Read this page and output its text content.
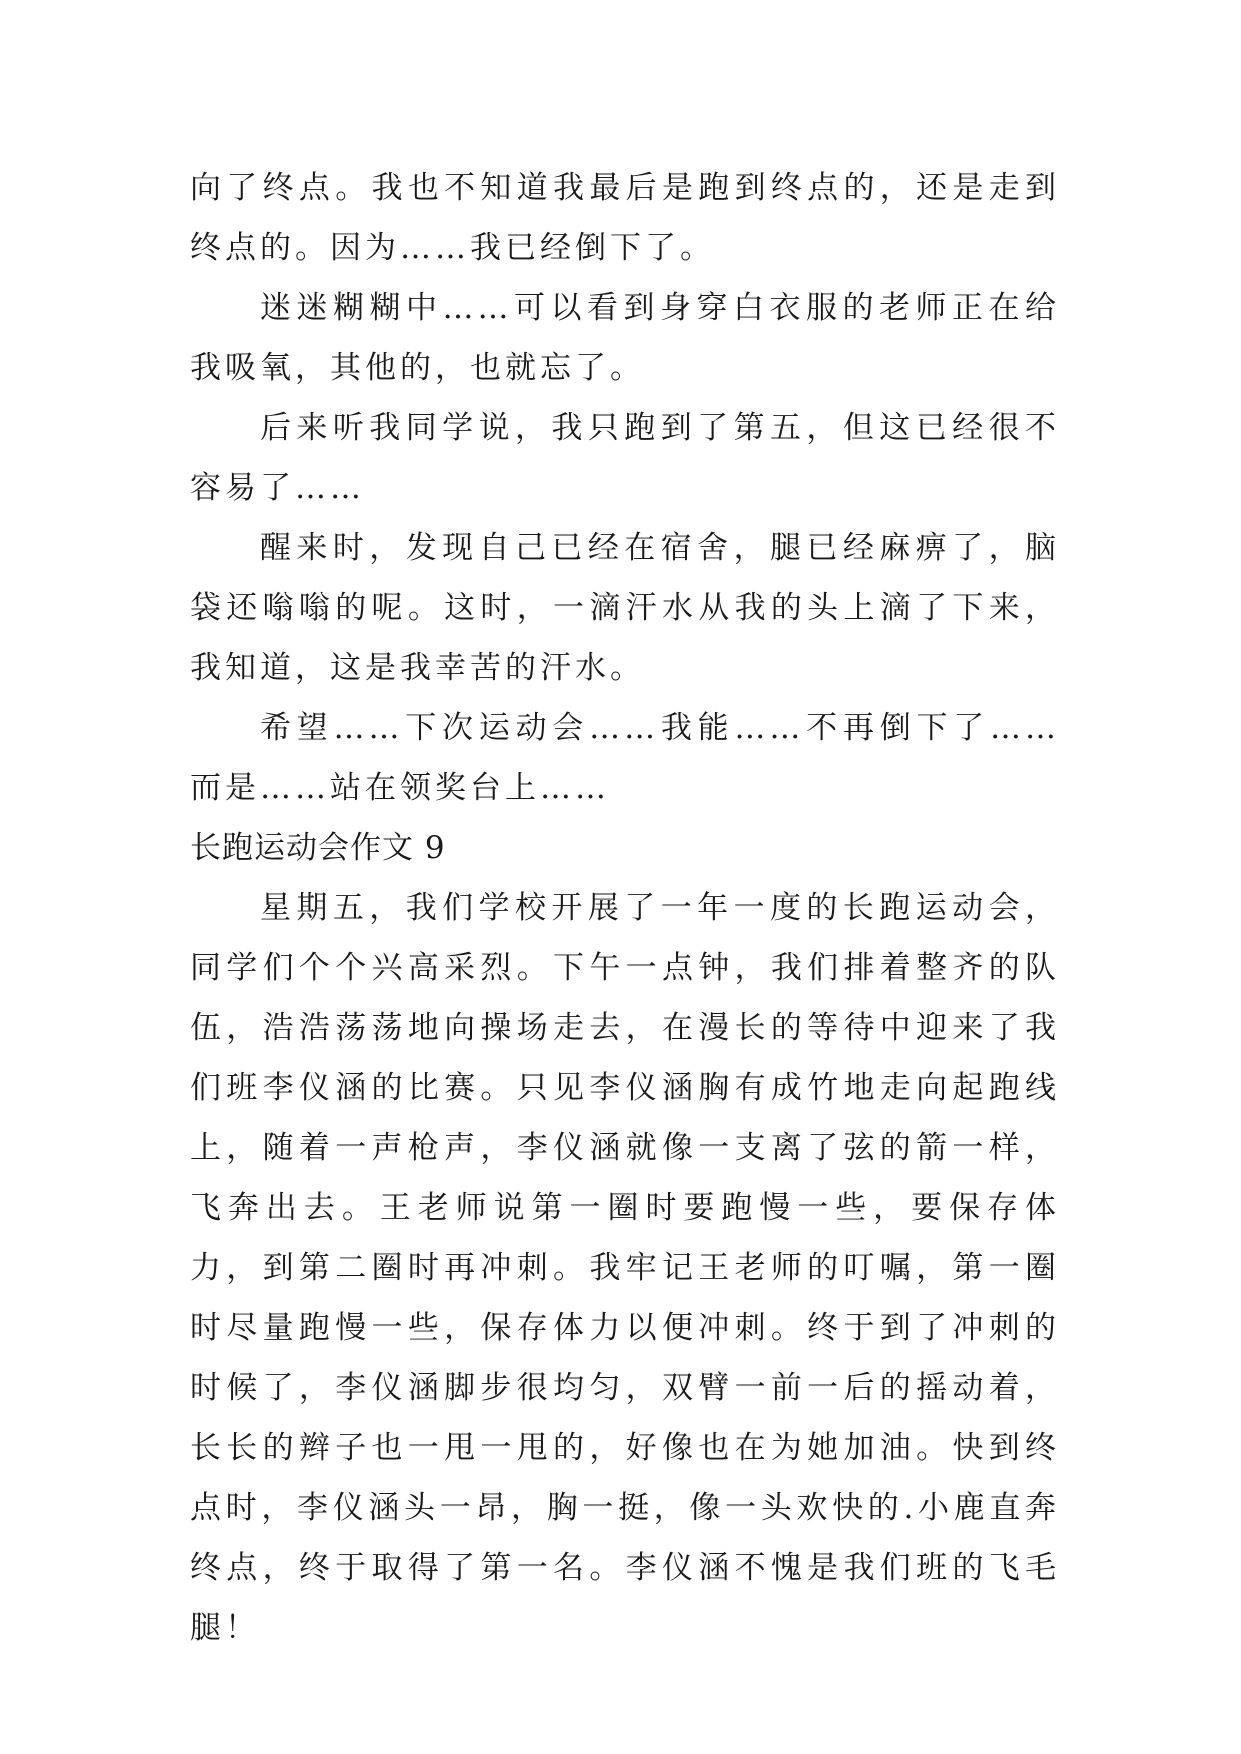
向了终点。我也不知道我最后是跑到终点的，还是走到终点的。因为……我已经倒下了。

迷迷糊糊中……可以看到身穿白衣服的老师正在给我吸氧，其他的，也就忘了。

后来听我同学说，我只跑到了第五，但这已经很不容易了……

醒来时，发现自己已经在宿舍，腿已经麻痹了，脑袋还嗡嗡的呢。这时，一滴汗水从我的头上滴了下来，我知道，这是我幸苦的汗水。

希望……下次运动会……我能……不再倒下了……而是……站在领奖台上……

长跑运动会作文 9

星期五，我们学校开展了一年一度的长跑运动会，同学们个个兴高采烈。下午一点钟，我们排着整齐的队伍，浩浩荡荡地向操场走去，在漫长的等待中迎来了我们班李仪涵的比赛。只见李仪涵胸有成竹地走向起跑线上，随着一声枪声，李仪涵就像一支离了弦的箭一样，飞奔出去。王老师说第一圈时要跑慢一些，要保存体力，到第二圈时再冲刺。我牢记王老师的叮嘱，第一圈时尽量跑慢一些，保存体力以便冲刺。终于到了冲刺的时候了，李仪涵脚步很均匀，双臂一前一后的摇动着，长长的辫子也一甩一甩的，好像也在为她加油。快到终点时，李仪涵头一昂，胸一挺，像一头欢快的.小鹿直奔终点，终于取得了第一名。李仪涵不愧是我们班的飞毛腿！
